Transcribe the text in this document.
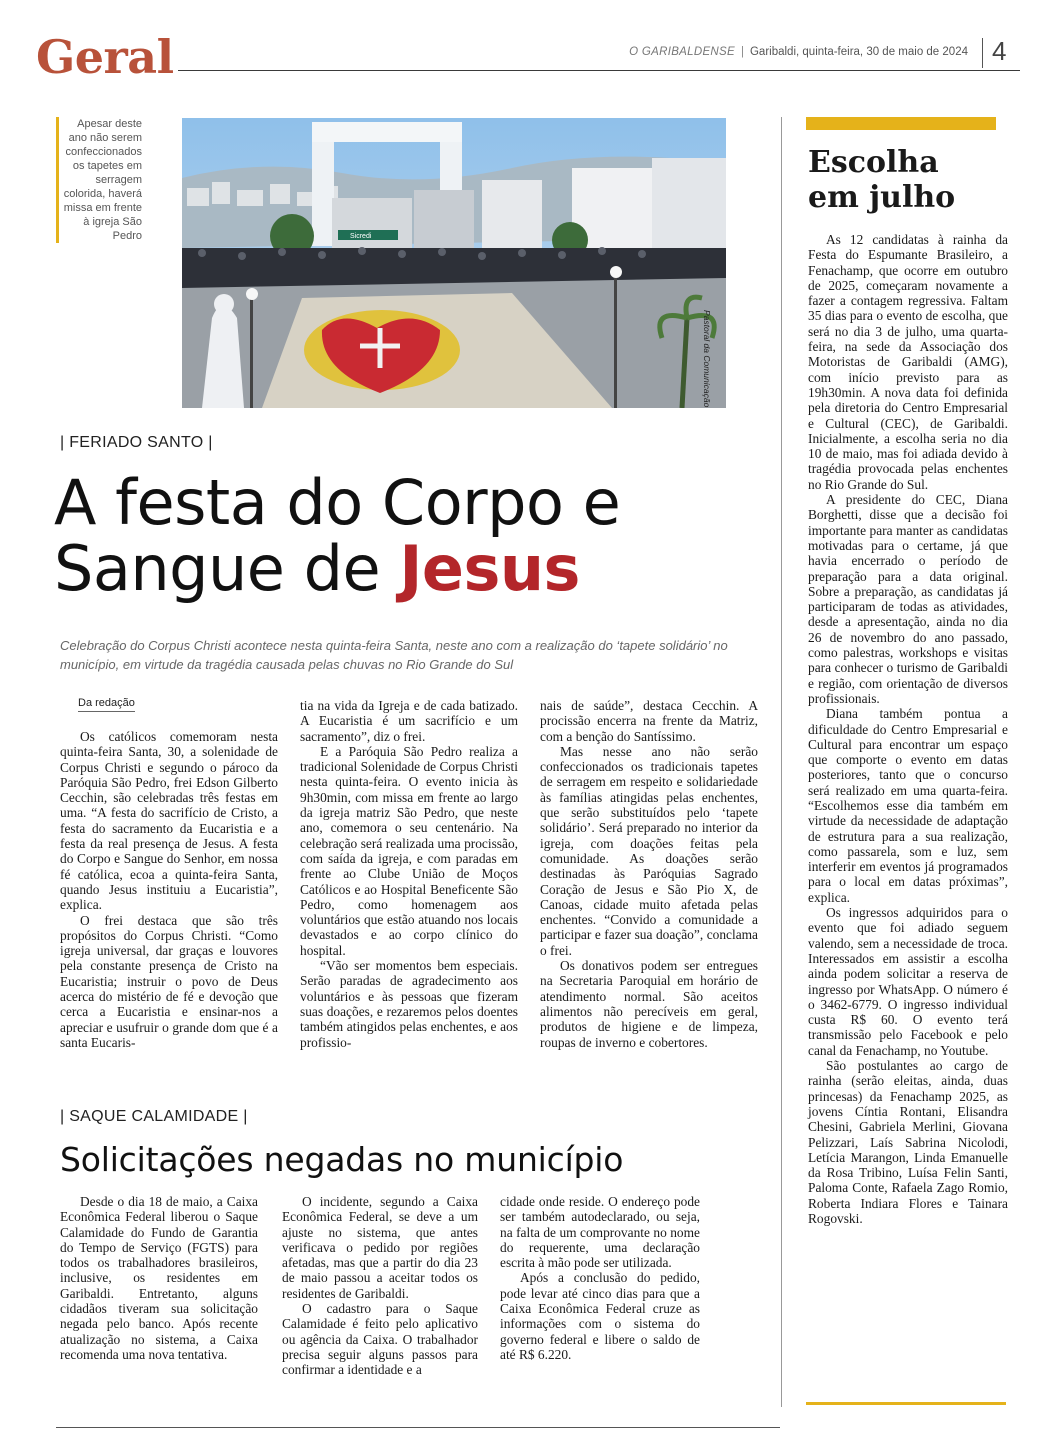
Geral	O GARIBALDENSE | Garibaldi, quinta-feira, 30 de maio de 2024 4
Apesar deste ano não serem confeccionados os tapetes em serragem colorida, haverá missa em frente à igreja São Pedro	Sicredi
Pastoral da Comunicação
Escolha
em julho

As 12 candidatas à rainha da Festa do Espumante Brasileiro, a Fenachamp, que ocorre em outubro de 2025, começaram novamente a fazer a contagem regressiva. Faltam 35 dias para o evento de escolha, que será no dia 3 de julho, uma quarta-feira, na sede da Associação dos Motoristas de Garibaldi (AMG), com início previsto para as 19h30min. A nova data foi definida pela diretoria do Centro Empresarial e Cultural (CEC), de Garibaldi. Inicialmente, a escolha seria no dia 10 de maio, mas foi adiada devido à tragédia provocada pelas enchentes no Rio Grande do Sul.

A presidente do CEC, Diana Borghetti, disse que a decisão foi importante para manter as candidatas motivadas para o certame, já que havia encerrado o período de preparação para a data original. Sobre a preparação, as candidatas já participaram de todas as atividades, desde a apresentação, ainda no dia 26 de novembro do ano passado, como palestras, workshops e visitas para conhecer o turismo de Garibaldi e região, com orientação de diversos profissionais.

Diana também pontua a dificuldade do Centro Empresarial e Cultural para encontrar um espaço que comporte o evento em datas posteriores, tanto que o concurso será realizado em uma quarta-feira. “Escolhemos esse dia também em virtude da necessidade de adaptação de estrutura para a sua realização, como passarela, som e luz, sem interferir em eventos já programados para o local em datas próximas”, explica.

Os ingressos adquiridos para o evento que foi adiado seguem valendo, sem a necessidade de troca. Interessados em assistir a escolha ainda podem solicitar a reserva de ingresso por WhatsApp. O número é o 3462-6779. O ingresso individual custa R$ 60. O evento terá transmissão pelo Facebook e pelo canal da Fenachamp, no Youtube.

São postulantes ao cargo de rainha (serão eleitas, ainda, duas princesas) da Fenachamp 2025, as jovens Cíntia Rontani, Elisandra Chesini, Gabriela Merlini, Giovana Pelizzari, Laís Sabrina Nicolodi, Letícia Marangon, Linda Emanuelle da Rosa Tribino, Luísa Felin Santi, Paloma Conte, Rafaela Zago Romio, Roberta Indiara Flores e Tainara Rogovski.

| FERIADO SANTO |
A festa do Corpo e
Sangue de Jesus
Celebração do Corpus Christi acontece nesta quinta-feira Santa, neste ano com a realização do ‘tapete solidário’ no município, em virtude da tragédia causada pelas chuvas no Rio Grande do Sul
Da redação

Os católicos comemoram nesta quinta-feira Santa, 30, a solenidade de Corpus Christi e segundo o pároco da Paróquia São Pedro, frei Edson Gilberto Cecchin, são celebradas três festas em uma. “A festa do sacrifício de Cristo, a festa do sacramento da Eucaristia e a festa da real presença de Jesus. A festa do Corpo e Sangue do Senhor, em nossa fé católica, ecoa a quinta-feira Santa, quando Jesus instituiu a Eucaristia”, explica.

O frei destaca que são três propósitos do Corpus Christi. “Como igreja universal, dar graças e louvores pela constante presença de Cristo na Eucaristia; instruir o povo de Deus acerca do mistério de fé e devoção que cerca a Eucaristia e ensinar-nos a apreciar e usufruir o grande dom que é a santa Eucaris-

tia na vida da Igreja e de cada batizado. A Eucaristia é um sacrifício e um sacramento”, diz o frei.

E a Paróquia São Pedro realiza a tradicional Solenidade de Corpus Christi nesta quinta-feira. O evento inicia às 9h30min, com missa em frente ao largo da igreja matriz São Pedro, que neste ano, comemora o seu centenário. Na celebração será realizada uma procissão, com saída da igreja, e com paradas em frente ao Clube União de Moços Católicos e ao Hospital Beneficente São Pedro, como homenagem aos voluntários que estão atuando nos locais devastados e ao corpo clínico do hospital.

“Vão ser momentos bem especiais. Serão paradas de agradecimento aos voluntários e às pessoas que fizeram suas doações, e rezaremos pelos doentes também atingidos pelas enchentes, e aos profissio-

nais de saúde”, destaca Cecchin. A procissão encerra na frente da Matriz, com a benção do Santíssimo.

Mas nesse ano não serão confeccionados os tradicionais tapetes de serragem em respeito e solidariedade às famílias atingidas pelas enchentes, que serão substituídos pelo ‘tapete solidário’. Será preparado no interior da igreja, com doações feitas pela comunidade. As doações serão destinadas às Paróquias Sagrado Coração de Jesus e São Pio X, de Canoas, cidade muito afetada pelas enchentes. “Convido a comunidade a participar e fazer sua doação”, conclama o frei.

Os donativos podem ser entregues na Secretaria Paroquial em horário de atendimento normal. São aceitos alimentos não perecíveis em geral, produtos de higiene e de limpeza, roupas de inverno e cobertores.

| SAQUE CALAMIDADE |
Solicitações negadas no município

Desde o dia 18 de maio, a Caixa Econômica Federal liberou o Saque Calamidade do Fundo de Garantia do Tempo de Serviço (FGTS) para todos os trabalhadores brasileiros, inclusive, os residentes em Garibaldi. Entretanto, alguns cidadãos tiveram sua solicitação negada pelo banco. Após recente atualização no sistema, a Caixa recomenda uma nova tentativa.

O incidente, segundo a Caixa Econômica Federal, se deve a um ajuste no sistema, que antes verificava o pedido por regiões afetadas, mas que a partir do dia 23 de maio passou a aceitar todos os residentes de Garibaldi.

O cadastro para o Saque Calamidade é feito pelo aplicativo ou agência da Caixa. O trabalhador precisa seguir alguns passos para confirmar a identidade e a

cidade onde reside. O endereço pode ser também autodeclarado, ou seja, na falta de um comprovante no nome do requerente, uma declaração escrita à mão pode ser utilizada.

Após a conclusão do pedido, pode levar até cinco dias para que a Caixa Econômica Federal cruze as informações com o sistema do governo federal e libere o saldo de até R$ 6.220.
